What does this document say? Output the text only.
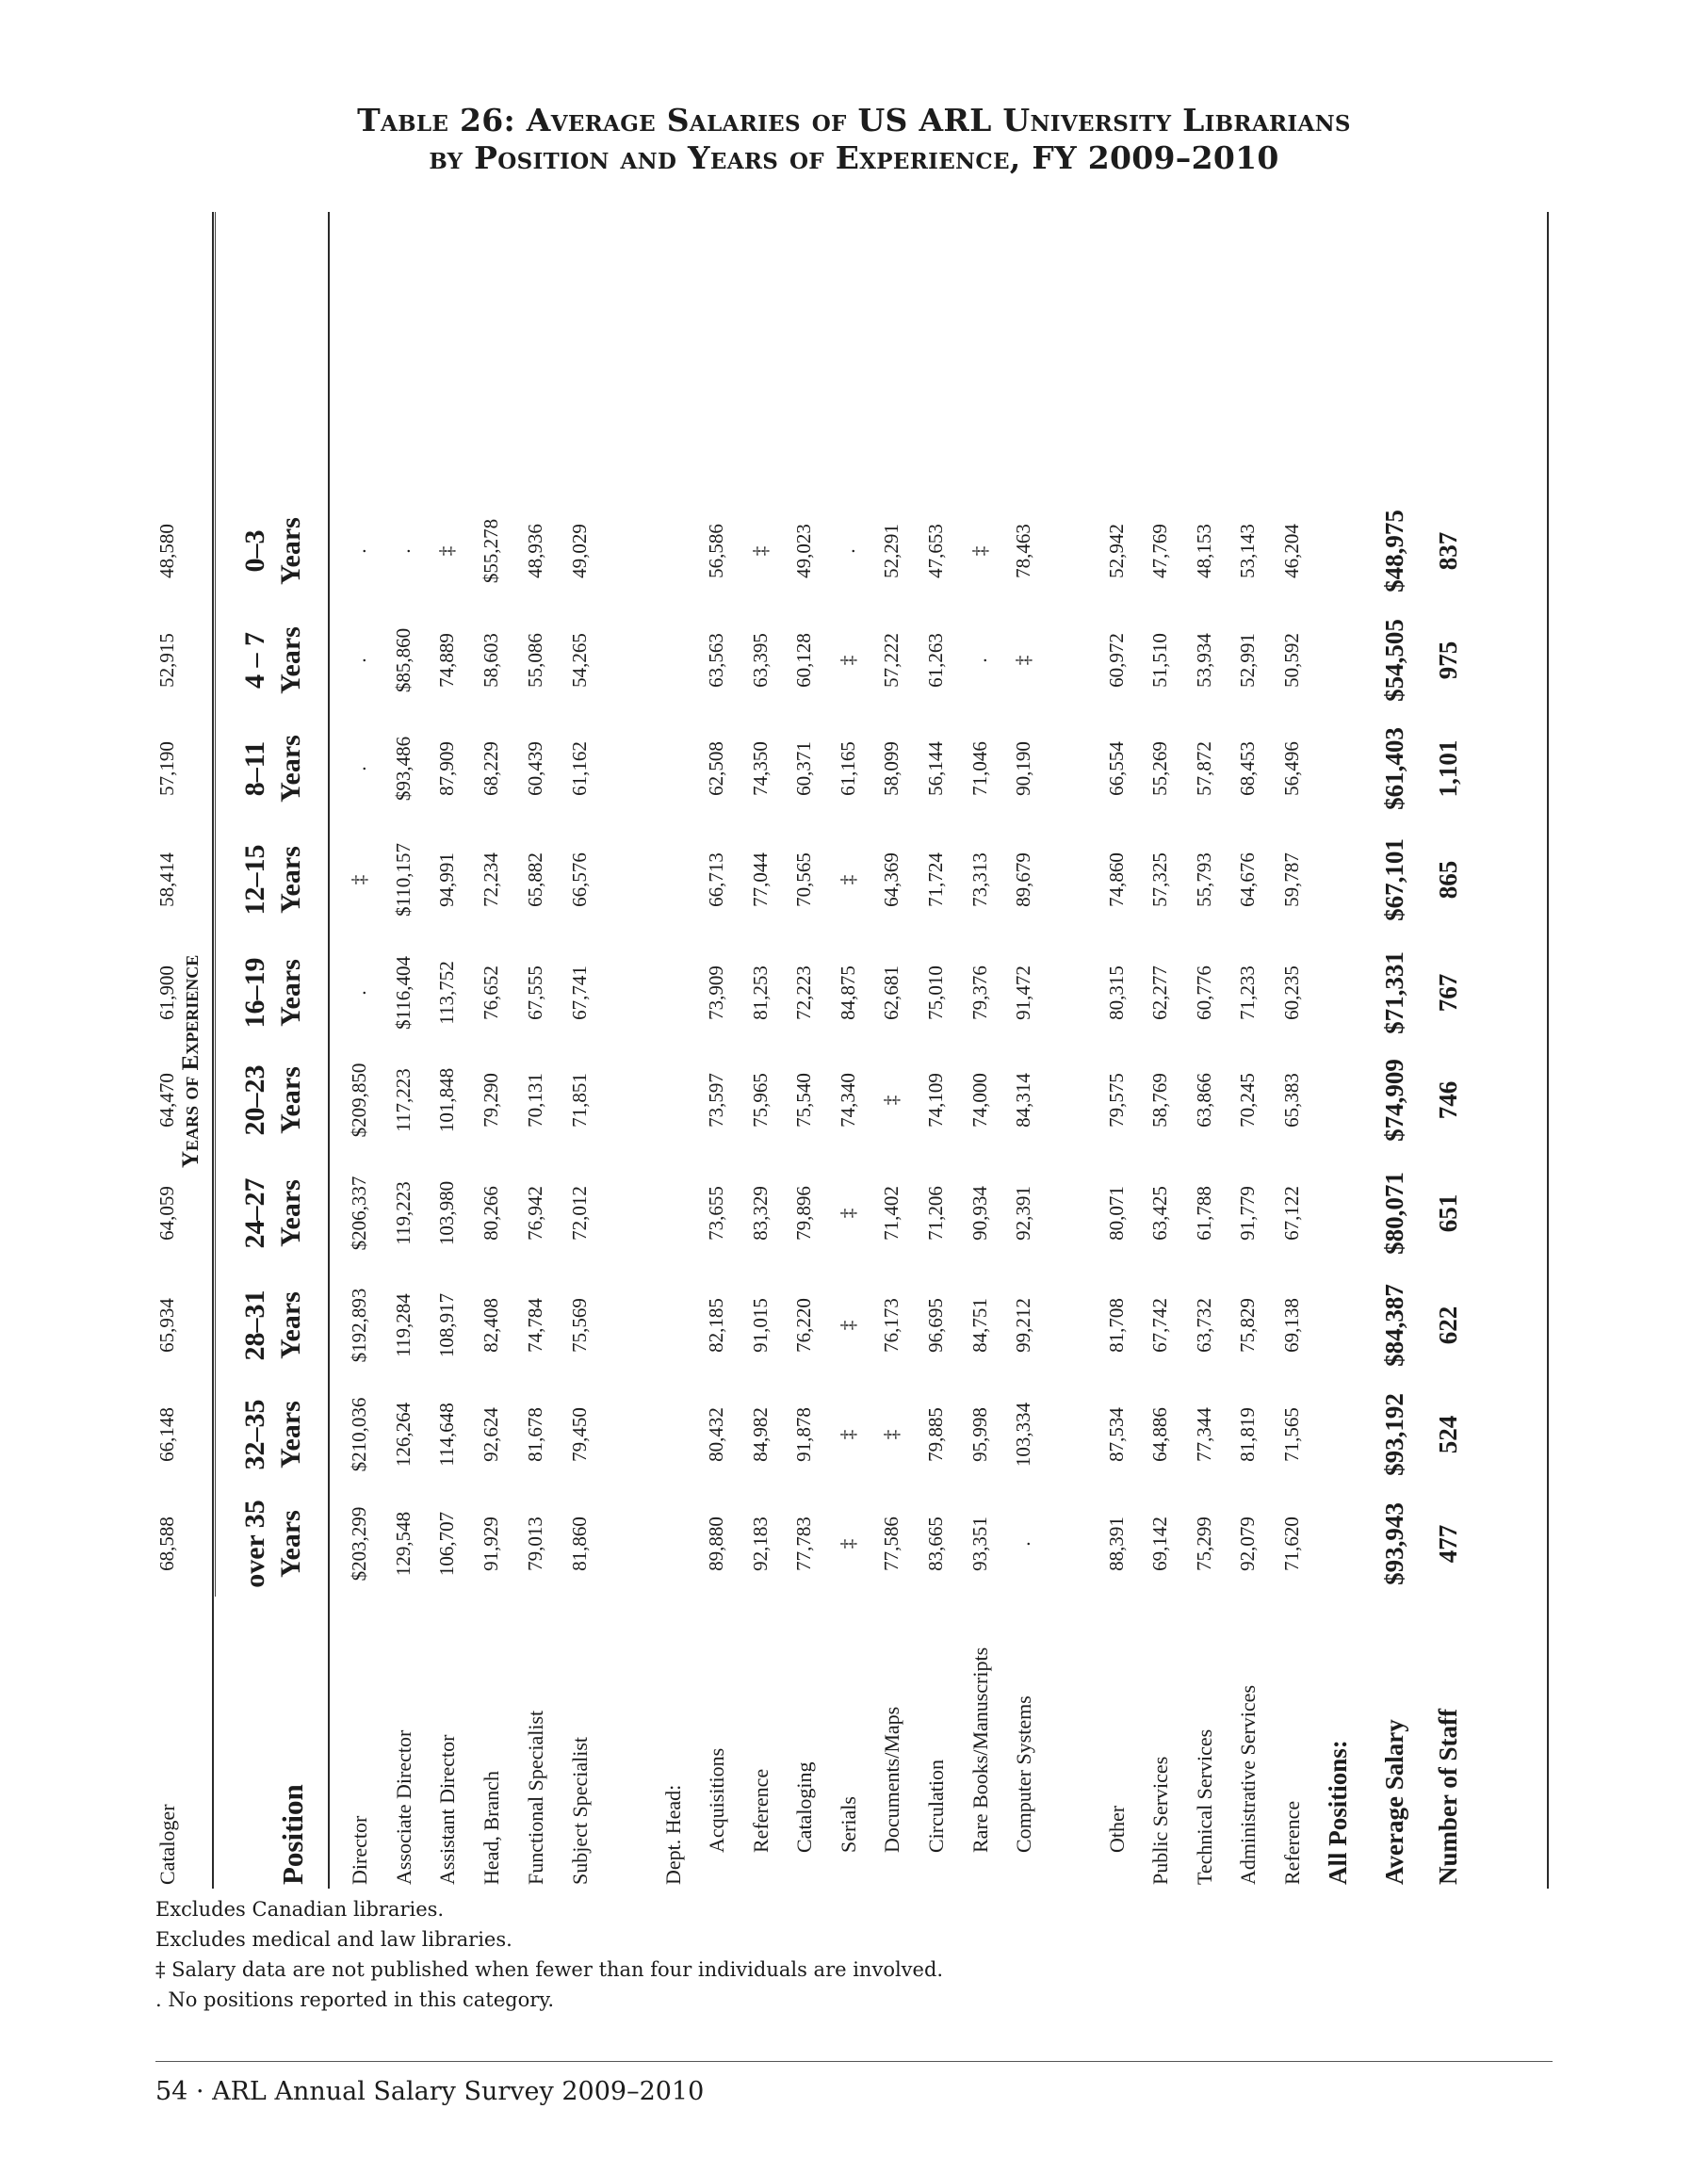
Table 26: Average Salaries of US ARL University Librarians
by Position and Years of Experience, FY 2009–2010
Years of Experience
Position
0–3 Years
4 – 7 Years
8–11 Years
12–15 Years
16–19 Years
20–23 Years
24–27 Years
28–31 Years
32–35 Years
over 35 Years
Director
.
.
.
‡
.
$209,850
$206,337
$192,893
$210,036
$203,299
Associate Director
.
$85,860
$93,486
$110,157
$116,404
117,223
119,223
119,284
126,264
129,548
Assistant Director
‡
74,889
87,909
94,991
113,752
101,848
103,980
108,917
114,648
106,707
Head, Branch
$55,278
58,603
68,229
72,234
76,652
79,290
80,266
82,408
92,624
91,929
Functional Specialist
48,936
55,086
60,439
65,882
67,555
70,131
76,942
74,784
81,678
79,013
Subject Specialist
49,029
54,265
61,162
66,576
67,741
71,851
72,012
75,569
79,450
81,860
Dept. Head: Acquisitions
56,586
63,563
62,508
66,713
73,909
73,597
73,655
82,185
80,432
89,880
Reference
‡
63,395
74,350
77,044
81,253
75,965
83,329
91,015
84,982
92,183
Cataloging
49,023
60,128
60,371
70,565
72,223
75,540
79,896
76,220
91,878
77,783
Serials
.
‡
61,165
‡
84,875
74,340
‡
‡
‡
‡
Documents/Maps
52,291
57,222
58,099
64,369
62,681
‡
71,402
76,173
‡
77,586
Circulation
47,653
61,263
56,144
71,724
75,010
74,109
71,206
96,695
79,885
83,665
Rare Books/Manuscripts
‡
.
71,046
73,313
79,376
74,000
90,934
84,751
95,998
93,351
Computer Systems
78,463
‡
90,190
89,679
91,472
84,314
92,391
99,212
103,334
.
Other
52,942
60,972
66,554
74,860
80,315
79,575
80,071
81,708
87,534
88,391
Public Services
47,769
51,510
55,269
57,325
62,277
58,769
63,425
67,742
64,886
69,142
Technical Services
48,153
53,934
57,872
55,793
60,776
63,866
61,788
63,732
77,344
75,299
Administrative Services
53,143
52,991
68,453
64,676
71,233
70,245
91,779
75,829
81,819
92,079
Reference
46,204
50,592
56,496
59,787
60,235
65,383
67,122
69,138
71,565
71,620
Cataloger
48,580
52,915
57,190
58,414
61,900
64,470
64,059
65,934
66,148
68,588
All Positions: Average Salary Number of Staff
$48,975
$54,505
$61,403
$67,101
$71,331
$74,909
$80,071
$84,387
$93,192
$93,943
837
975
1,101
865
767
746
651
622
524
477
Excludes Canadian libraries.
Excludes medical and law libraries.
‡ Salary data are not published when fewer than four individuals are involved.
. No positions reported in this category.
54 · ARL Annual Salary Survey 2009–2010
